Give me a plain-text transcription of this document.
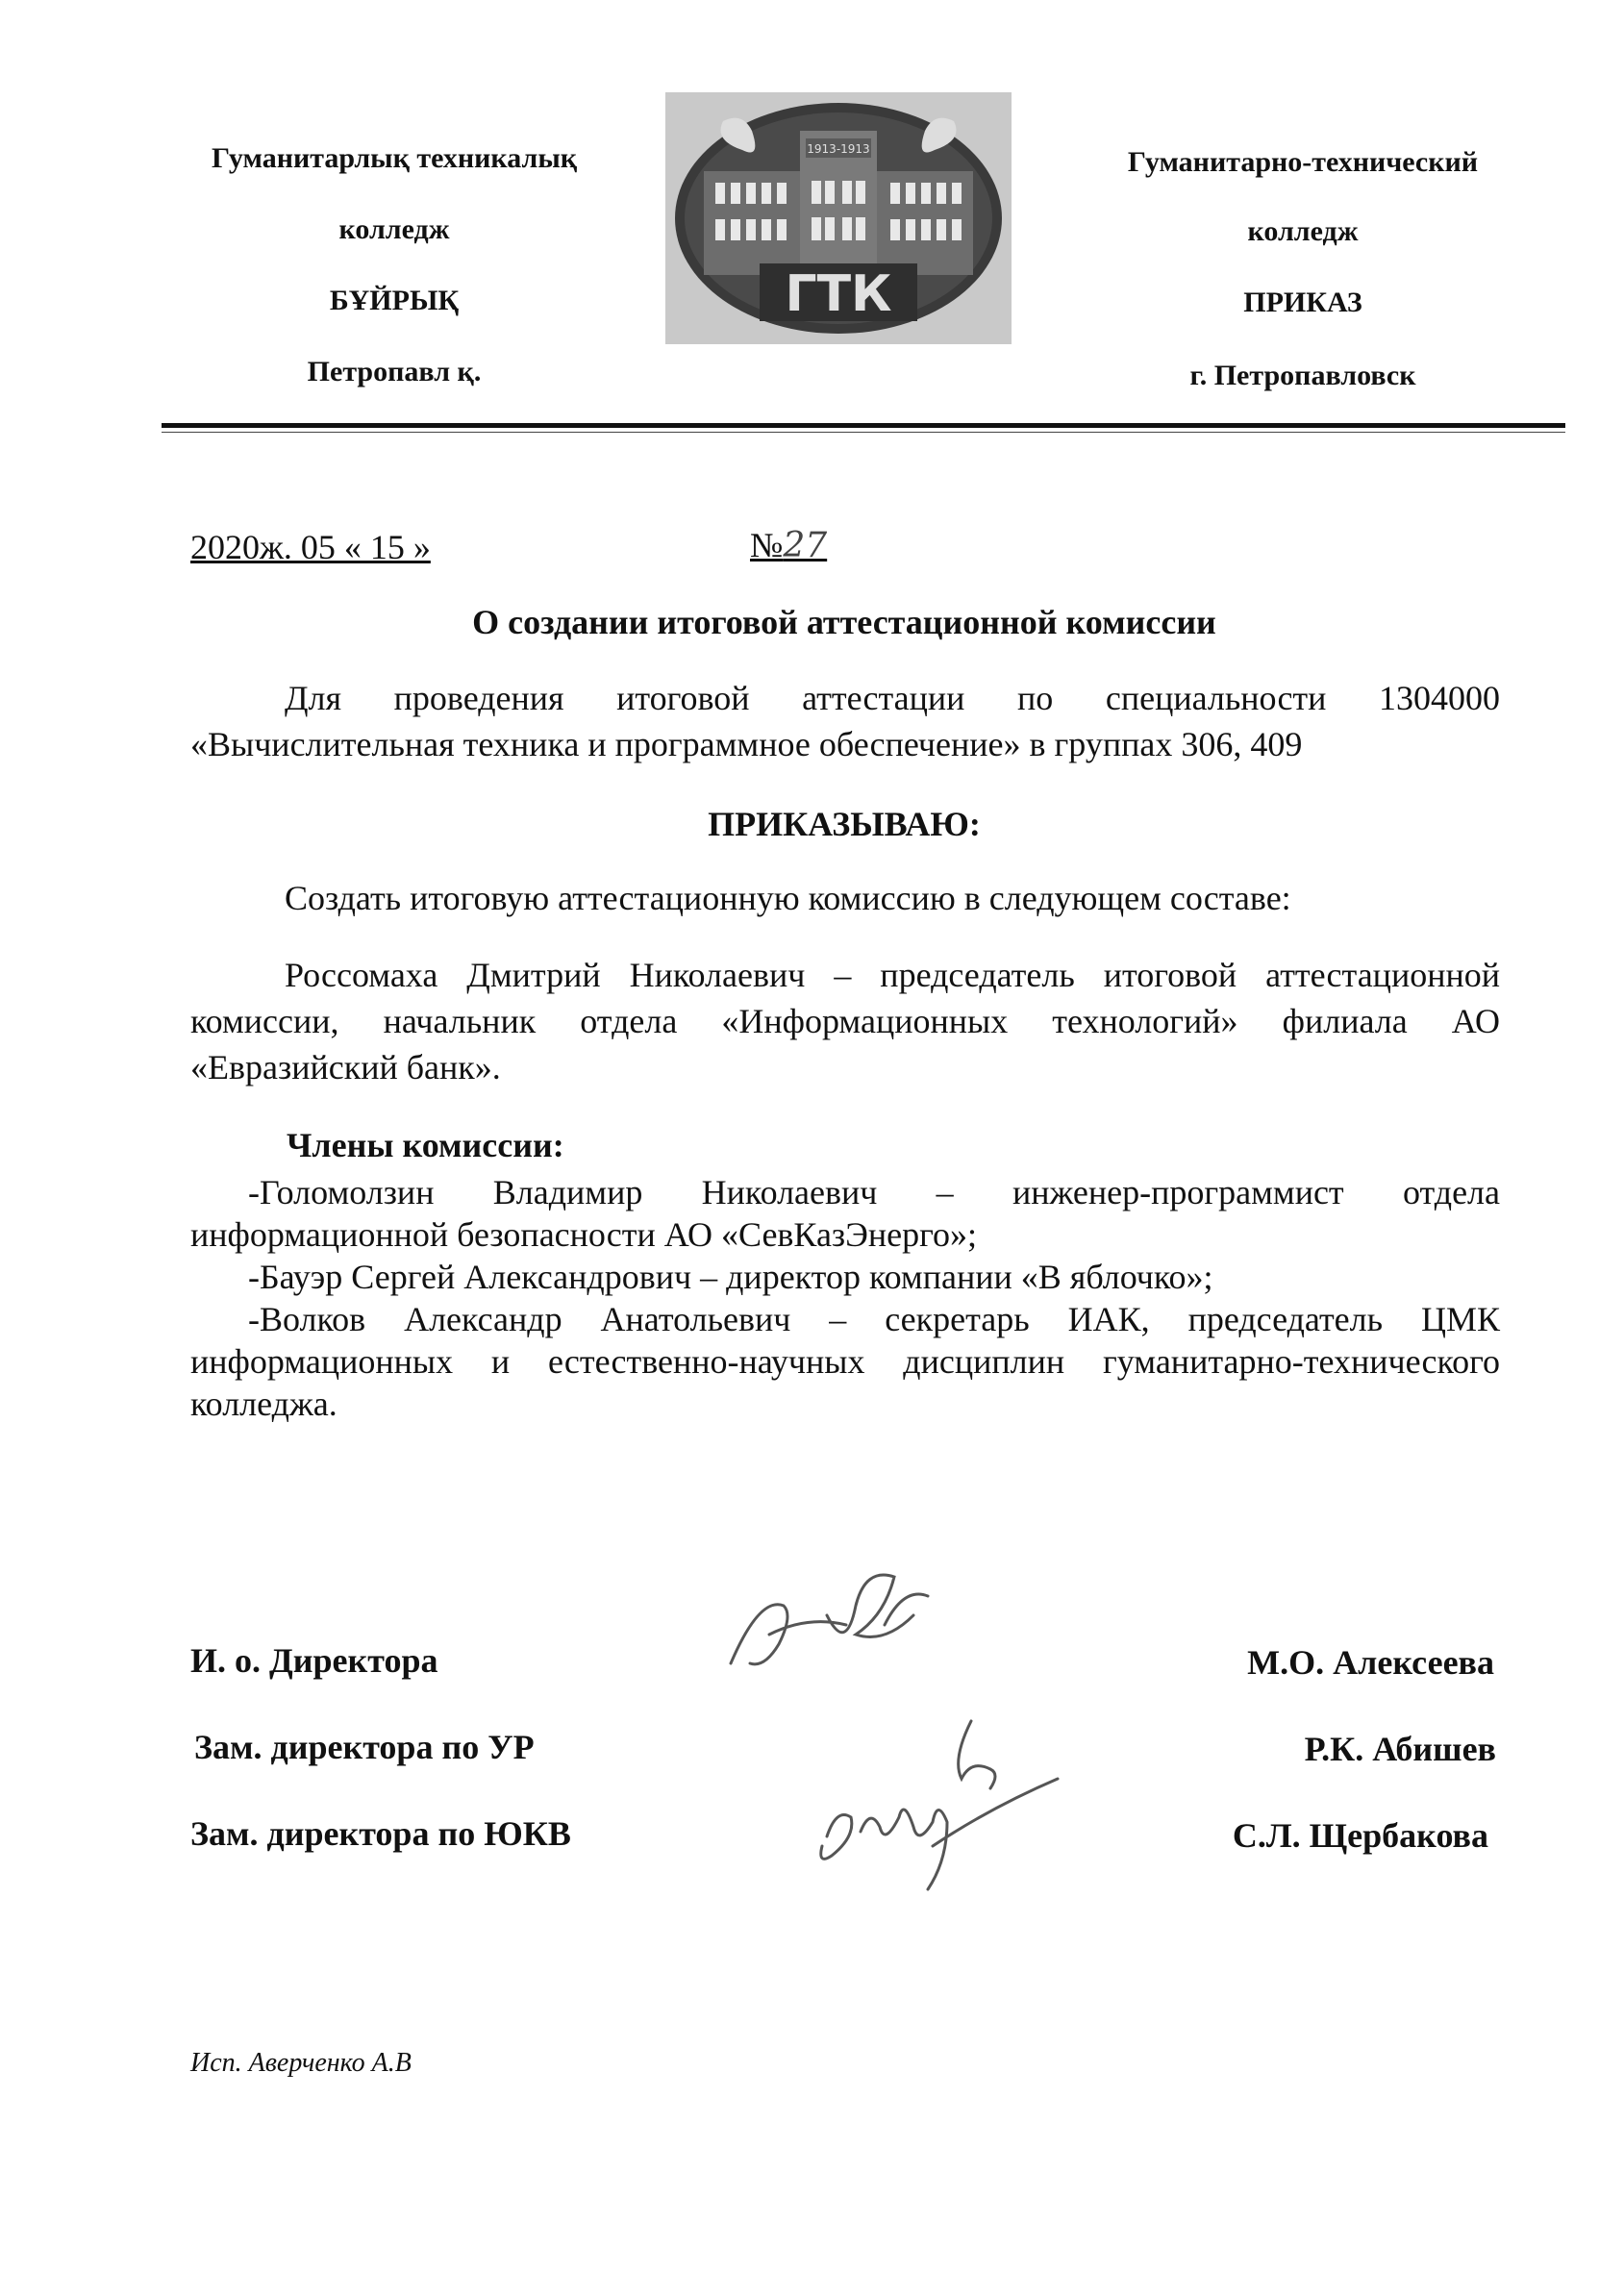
Гуманитарлық техникалық
колледж
БҰЙРЫҚ
Петропавл қ.
Гуманитарно-технический
колледж
ПРИКАЗ
г. Петропавловск
1913-1913
ГТК
2020ж. 05 « 15 »	№27
О создании итоговой аттестационной комиссии
Для проведения итоговой аттестации по специальности 1304000 «Вычислительная техника и программное обеспечение» в группах 306, 409
ПРИКАЗЫВАЮ:
Создать итоговую аттестационную комиссию в следующем составе:
Россомаха Дмитрий Николаевич – председатель итоговой аттестационной комиссии, начальник отдела «Информационных технологий» филиала АО «Евразийский банк».
Члены комиссии:

-Голомолзин Владимир Николаевич – инженер-программист отдела информационной безопасности АО «СевКазЭнерго»;

-Бауэр Сергей Александрович – директор компании «В яблочко»;

-Волков Александр Анатольевич – секретарь ИАК, председатель ЦМК информационных и естественно-научных дисциплин гуманитарно-технического колледжа.

И. о. Директора	М.О. Алексеева
Зам. директора по УР	Р.К. Абишев
Зам. директора по ЮКВ	С.Л. Щербакова
Исп. Аверченко А.В
